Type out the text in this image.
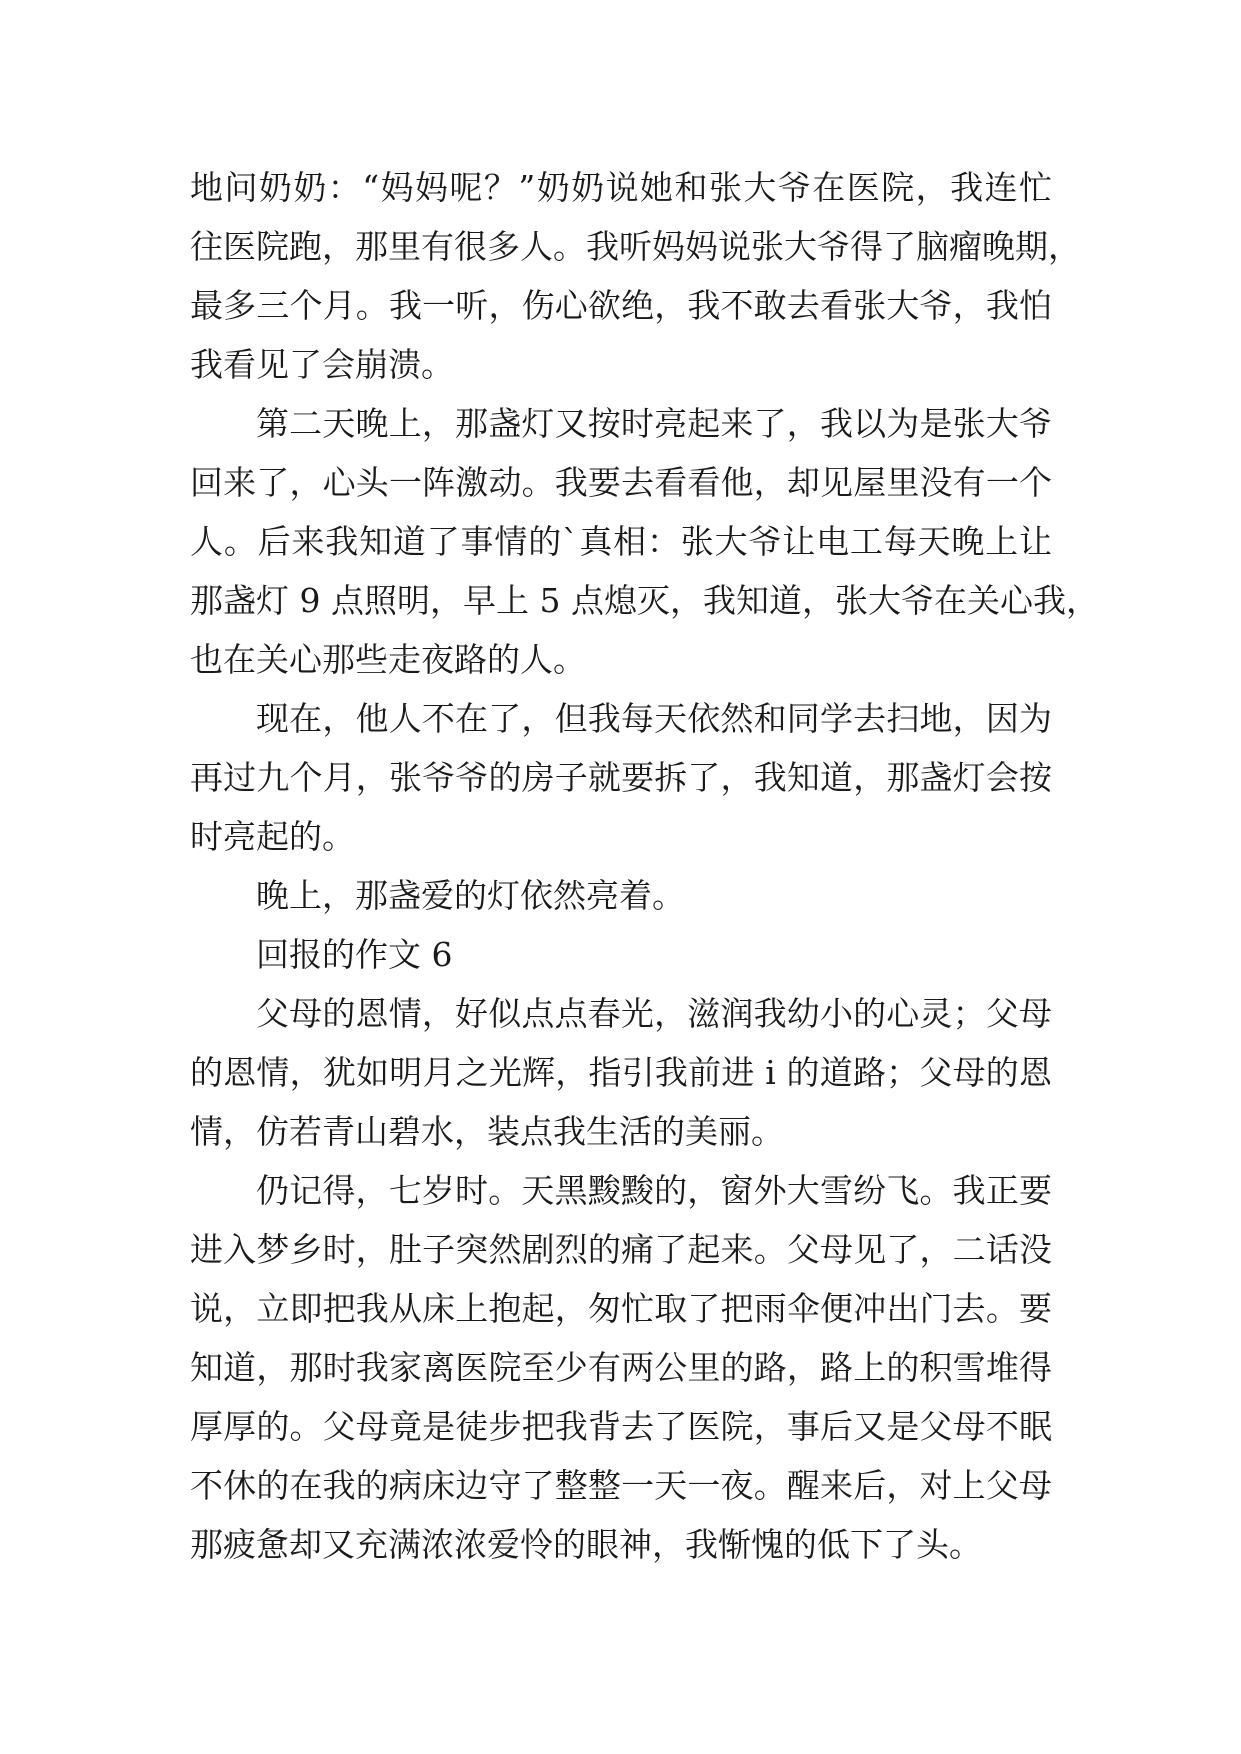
地问奶奶：“妈妈呢？”奶奶说她和张大爷在医院，我连忙
往医院跑，那里有很多人。我听妈妈说张大爷得了脑瘤晚期，
最多三个月。我一听，伤心欲绝，我不敢去看张大爷，我怕
我看见了会崩溃。
第二天晚上，那盏灯又按时亮起来了，我以为是张大爷
回来了，心头一阵激动。我要去看看他，却见屋里没有一个
人。后来我知道了事情的`真相：张大爷让电工每天晚上让
那盏灯 9 点照明，早上 5 点熄灭，我知道，张大爷在关心我，
也在关心那些走夜路的人。
现在，他人不在了，但我每天依然和同学去扫地，因为
再过九个月，张爷爷的房子就要拆了，我知道，那盏灯会按
时亮起的。
晚上，那盏爱的灯依然亮着。
回报的作文 6
父母的恩情，好似点点春光，滋润我幼小的心灵；父母
的恩情，犹如明月之光辉，指引我前进 i 的道路；父母的恩
情，仿若青山碧水，装点我生活的美丽。
仍记得，七岁时。天黑黢黢的，窗外大雪纷飞。我正要
进入梦乡时，肚子突然剧烈的痛了起来。父母见了，二话没
说，立即把我从床上抱起，匆忙取了把雨伞便冲出门去。要
知道，那时我家离医院至少有两公里的路，路上的积雪堆得
厚厚的。父母竟是徒步把我背去了医院，事后又是父母不眠
不休的在我的病床边守了整整一天一夜。醒来后，对上父母
那疲惫却又充满浓浓爱怜的眼神，我惭愧的低下了头。
